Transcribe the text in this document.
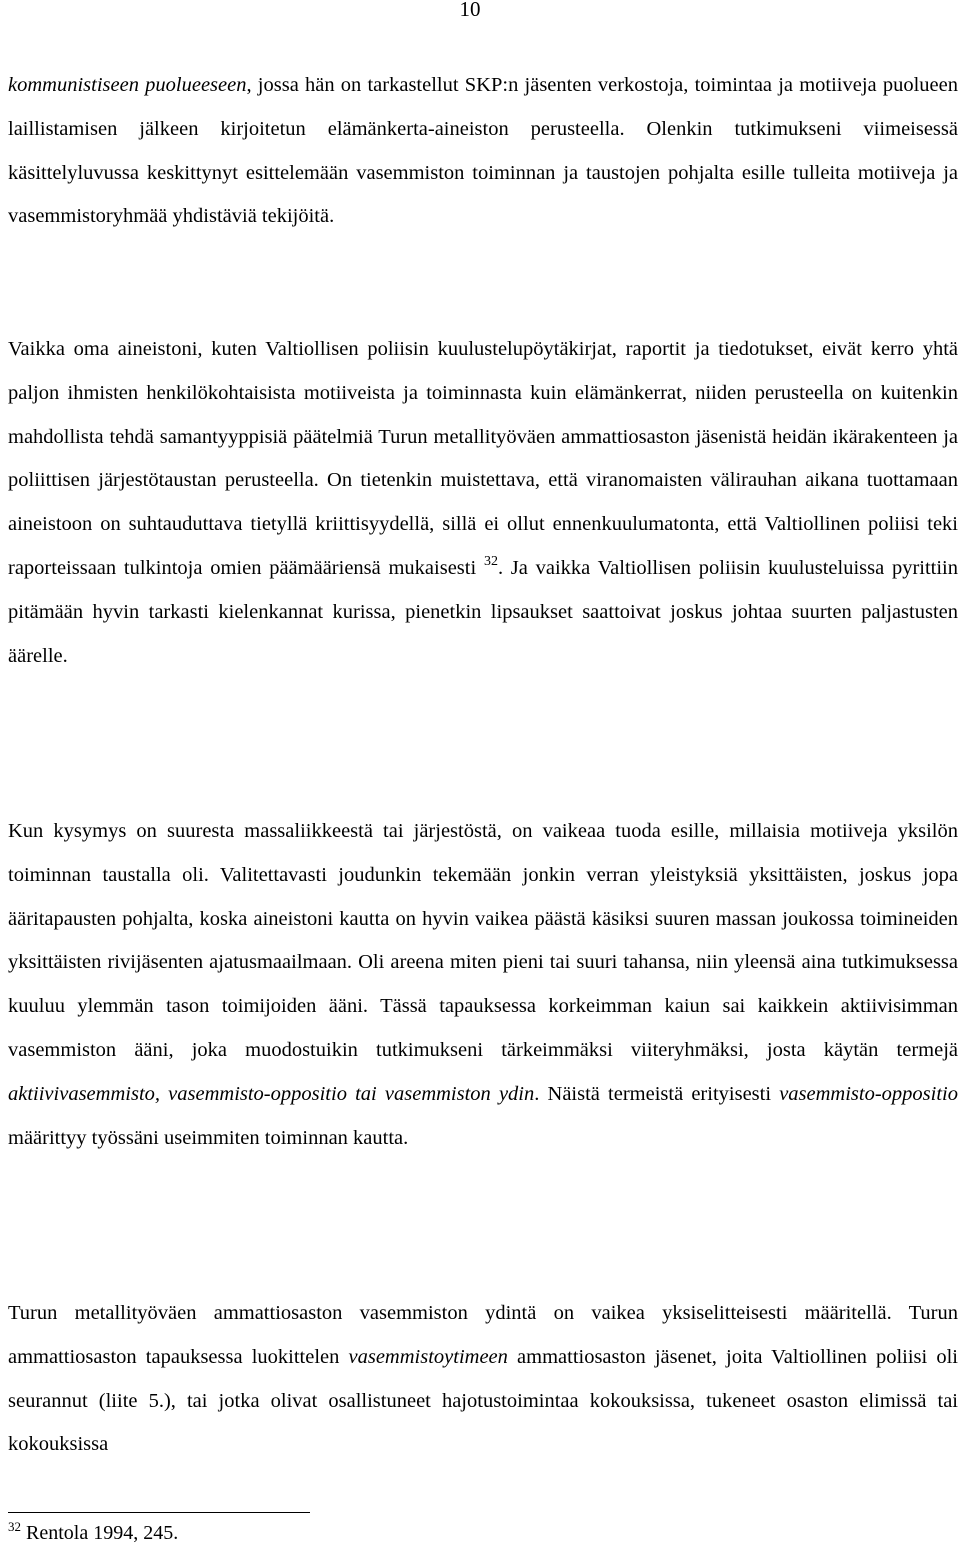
10

kommunistiseen puolueeseen, jossa hän on tarkastellut SKP:n jäsenten verkostoja, toimintaa ja motiiveja puolueen laillistamisen jälkeen kirjoitetun elämänkerta-aineiston perusteella. Olenkin tutkimukseni viimeisessä käsittelyluvussa keskittynyt esittelemään vasemmiston toiminnan ja taustojen pohjalta esille tulleita motiiveja ja vasemmistoryhmää yhdistäviä tekijöitä.

Vaikka oma aineistoni, kuten Valtiollisen poliisin kuulustelupöytäkirjat, raportit ja tiedotukset, eivät kerro yhtä paljon ihmisten henkilökohtaisista motiiveista ja toiminnasta kuin elämänkerrat, niiden perusteella on kuitenkin mahdollista tehdä samantyyppisiä päätelmiä Turun metallityöväen ammattiosaston jäsenistä heidän ikärakenteen ja poliittisen järjestötaustan perusteella. On tietenkin muistettava, että viranomaisten välirauhan aikana tuottamaan aineistoon on suhtauduttava tietyllä kriittisyydellä, sillä ei ollut ennenkuulumatonta, että Valtiollinen poliisi teki raporteissaan tulkintoja omien päämääriensä mukaisesti $^{32}$. Ja vaikka Valtiollisen poliisin kuulusteluissa pyrittiin pitämään hyvin tarkasti kielenkannat kurissa, pienetkin lipsaukset saattoivat joskus johtaa suurten paljastusten äärelle.

Kun kysymys on suuresta massaliikkeestä tai järjestöstä, on vaikeaa tuoda esille, millaisia motiiveja yksilön toiminnan taustalla oli. Valitettavasti joudunkin tekemään jonkin verran yleistyksiä yksittäisten, joskus jopa ääritapausten pohjalta, koska aineistoni kautta on hyvin vaikea päästä käsiksi suuren massan joukossa toimineiden yksittäisten rivijäsenten ajatusmaailmaan. Oli areena miten pieni tai suuri tahansa, niin yleensä aina tutkimuksessa kuuluu ylemmän tason toimijoiden ääni. Tässä tapauksessa korkeimman kaiun sai kaikkein aktiivisimman vasemmiston ääni, joka muodostuikin tutkimukseni tärkeimmäksi viiteryhmäksi, josta käytän termejä aktiivivasemmisto, vasemmisto-oppositio tai vasemmiston ydin. Näistä termeistä erityisesti vasemmisto-oppositio määrittyy työssäni useimmiten toiminnan kautta.

Turun metallityöväen ammattiosaston vasemmiston ydintä on vaikea yksiselitteisesti määritellä. Turun ammattiosaston tapauksessa luokittelen vasemmistoytimeen ammattiosaston jäsenet, joita Valtiollinen poliisi oli seurannut (liite 5.), tai jotka olivat osallistuneet hajotustoimintaa kokouksissa, tukeneet osaston elimissä tai kokouksissa

$^{32}$ Rentola 1994, 245.
